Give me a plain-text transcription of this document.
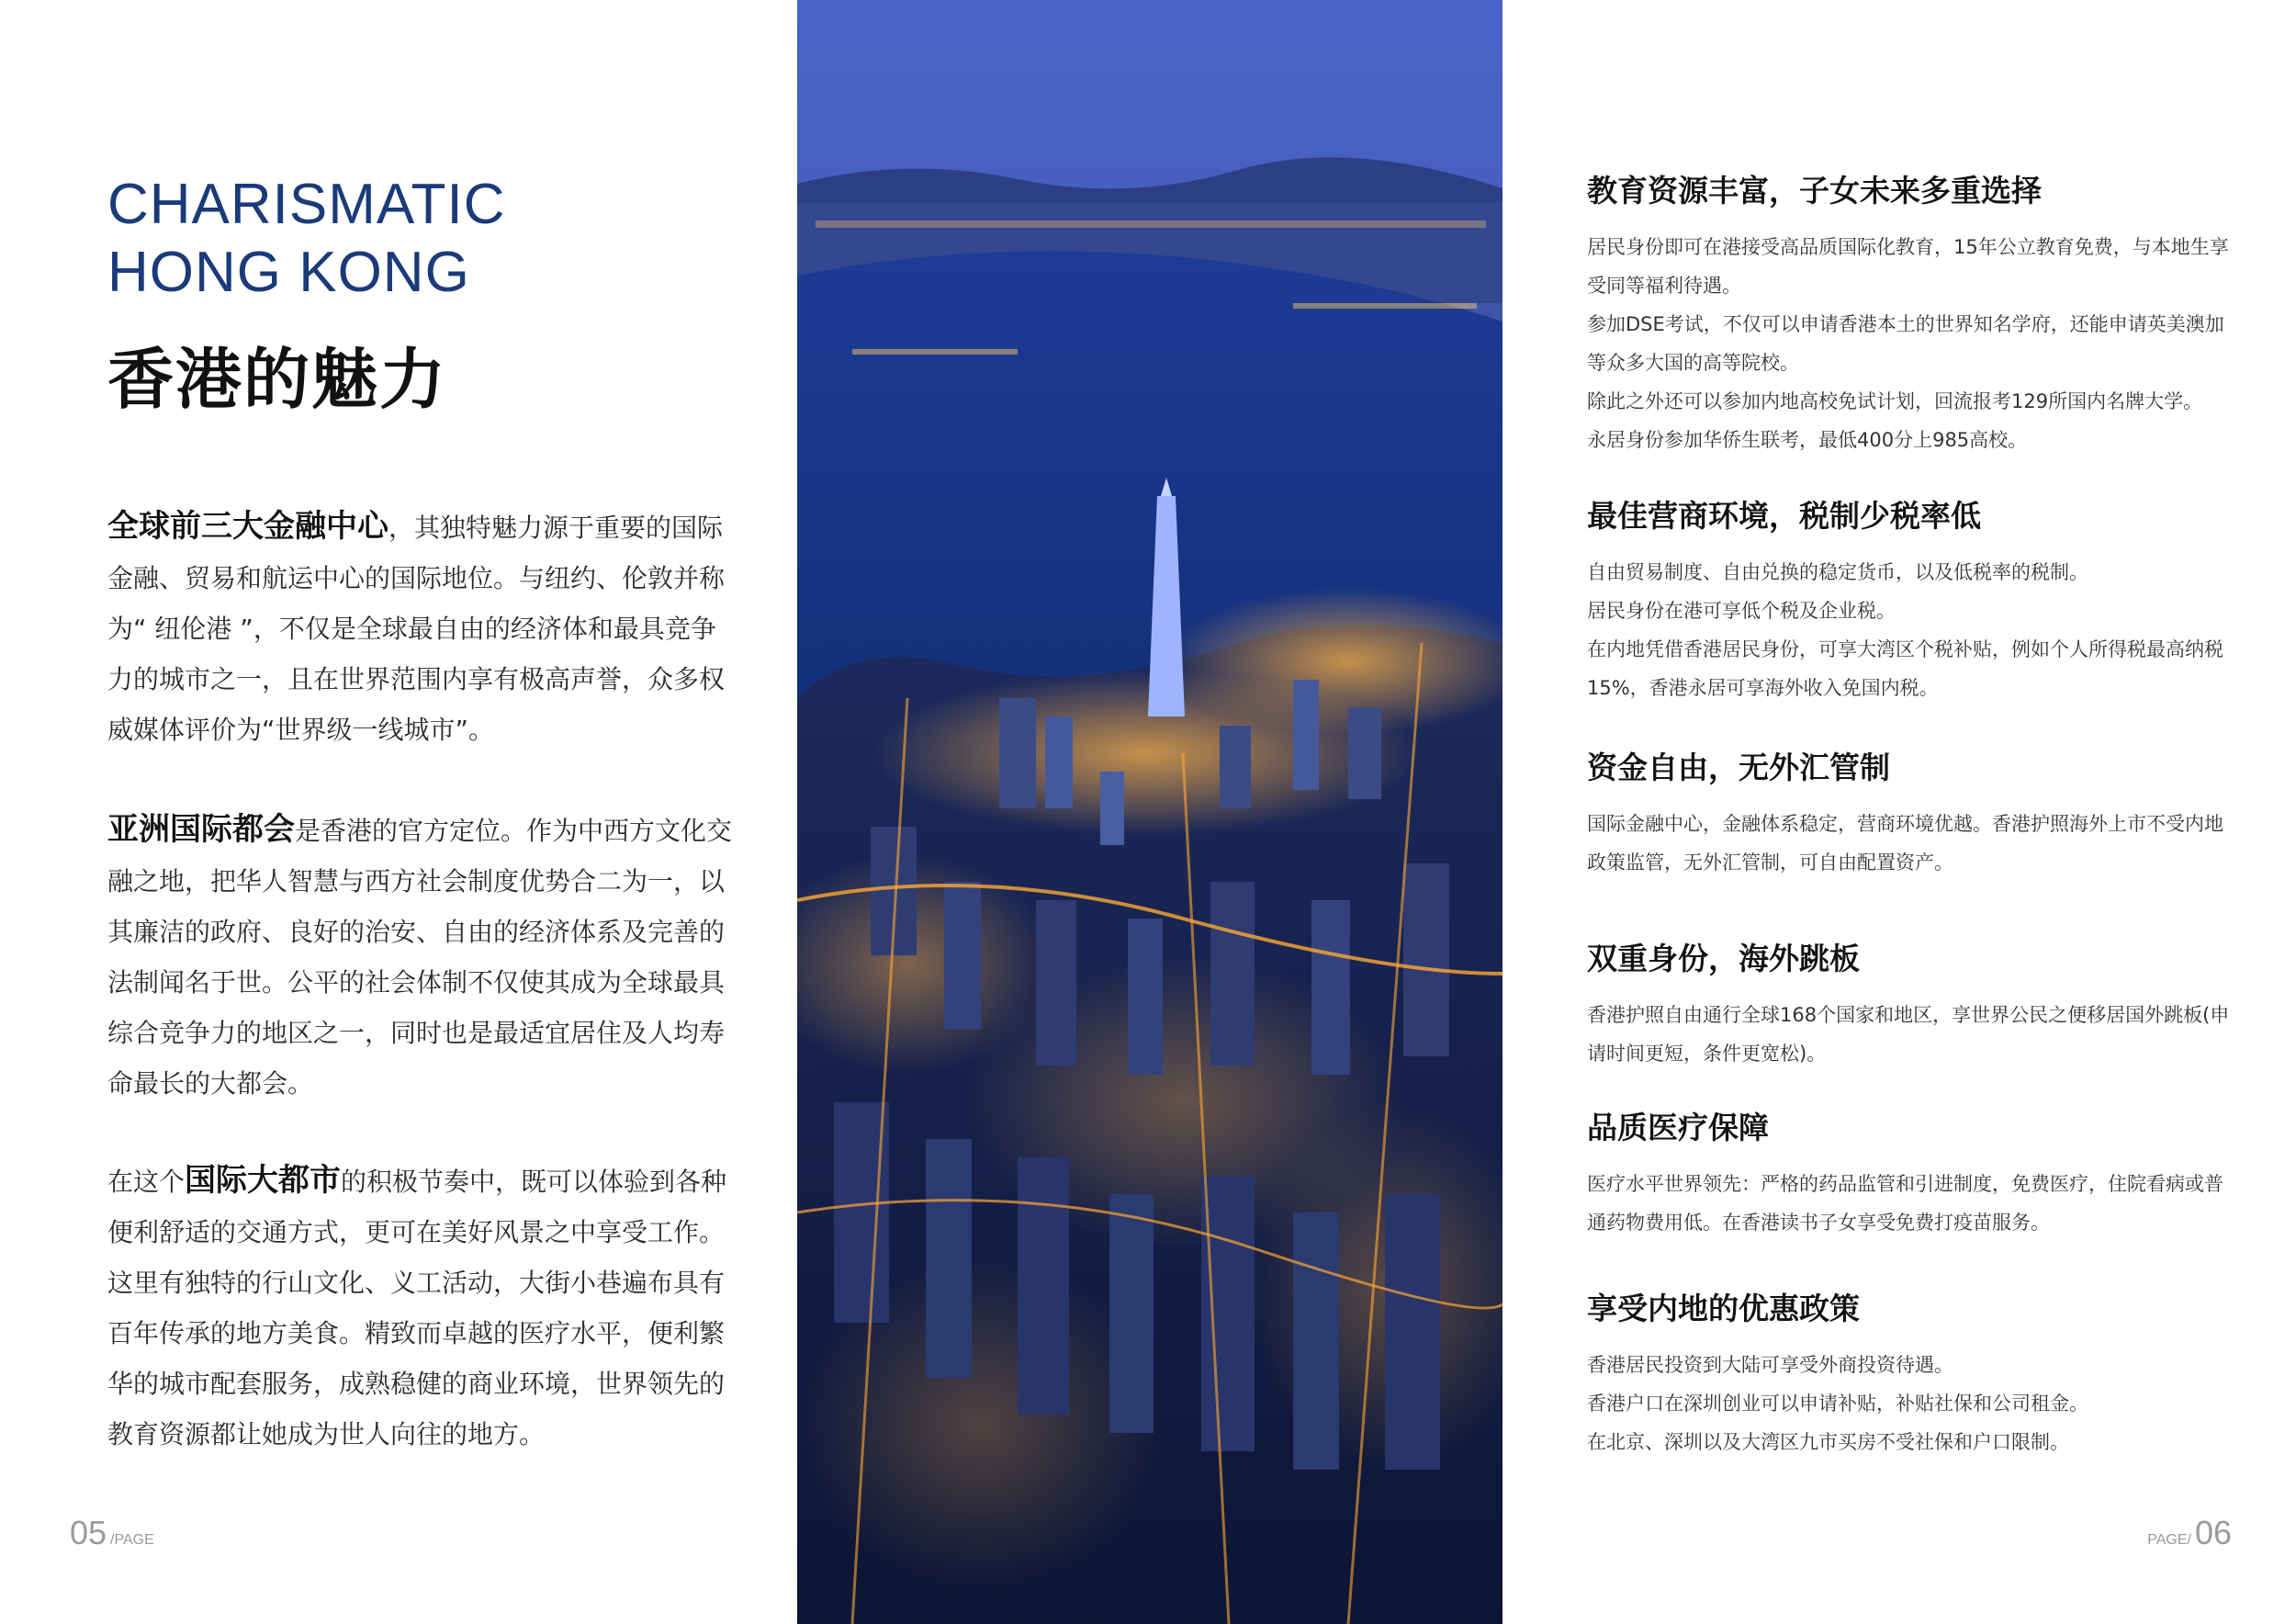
CHARISMATIC
HONG KONG
香港的魅力

全球前三大金融中心，其独特魅力源于重要的国际金融、贸易和航运中心的国际地位。与纽约、伦敦并称为“ 纽伦港 ”，不仅是全球最自由的经济体和最具竞争力的城市之一，且在世界范围内享有极高声誉，众多权威媒体评价为“世界级一线城市”。

亚洲国际都会是香港的官方定位。作为中西方文化交融之地，把华人智慧与西方社会制度优势合二为一，以其廉洁的政府、良好的治安、自由的经济体系及完善的法制闻名于世。公平的社会体制不仅使其成为全球最具综合竞争力的地区之一，同时也是最适宜居住及人均寿命最长的大都会。

在这个国际大都市的积极节奏中，既可以体验到各种便利舒适的交通方式，更可在美好风景之中享受工作。这里有独特的行山文化、义工活动，大街小巷遍布具有百年传承的地方美食。精致而卓越的医疗水平，便利繁华的城市配套服务，成熟稳健的商业环境，世界领先的教育资源都让她成为世人向往的地方。

05 /PAGE
教育资源丰富，子女未来多重选择

居民身份即可在港接受高品质国际化教育，15年公立教育免费，与本地生享受同等福利待遇。

参加DSE考试，不仅可以申请香港本土的世界知名学府，还能申请英美澳加等众多大国的高等院校。

除此之外还可以参加内地高校免试计划，回流报考129所国内名牌大学。

永居身份参加华侨生联考，最低400分上985高校。

最佳营商环境，税制少税率低

自由贸易制度、自由兑换的稳定货币，以及低税率的税制。

居民身份在港可享低个税及企业税。

在内地凭借香港居民身份，可享大湾区个税补贴，例如个人所得税最高纳税15%，香港永居可享海外收入免国内税。

资金自由，无外汇管制

国际金融中心，金融体系稳定，营商环境优越。香港护照海外上市不受内地政策监管，无外汇管制，可自由配置资产。

双重身份，海外跳板

香港护照自由通行全球168个国家和地区，享世界公民之便移居国外跳板(申请时间更短，条件更宽松)。

品质医疗保障

医疗水平世界领先：严格的药品监管和引进制度，免费医疗，住院看病或普通药物费用低。在香港读书子女享受免费打疫苗服务。

享受内地的优惠政策

香港居民投资到大陆可享受外商投资待遇。

香港户口在深圳创业可以申请补贴，补贴社保和公司租金。

在北京、深圳以及大湾区九市买房不受社保和户口限制。

PAGE/ 06
